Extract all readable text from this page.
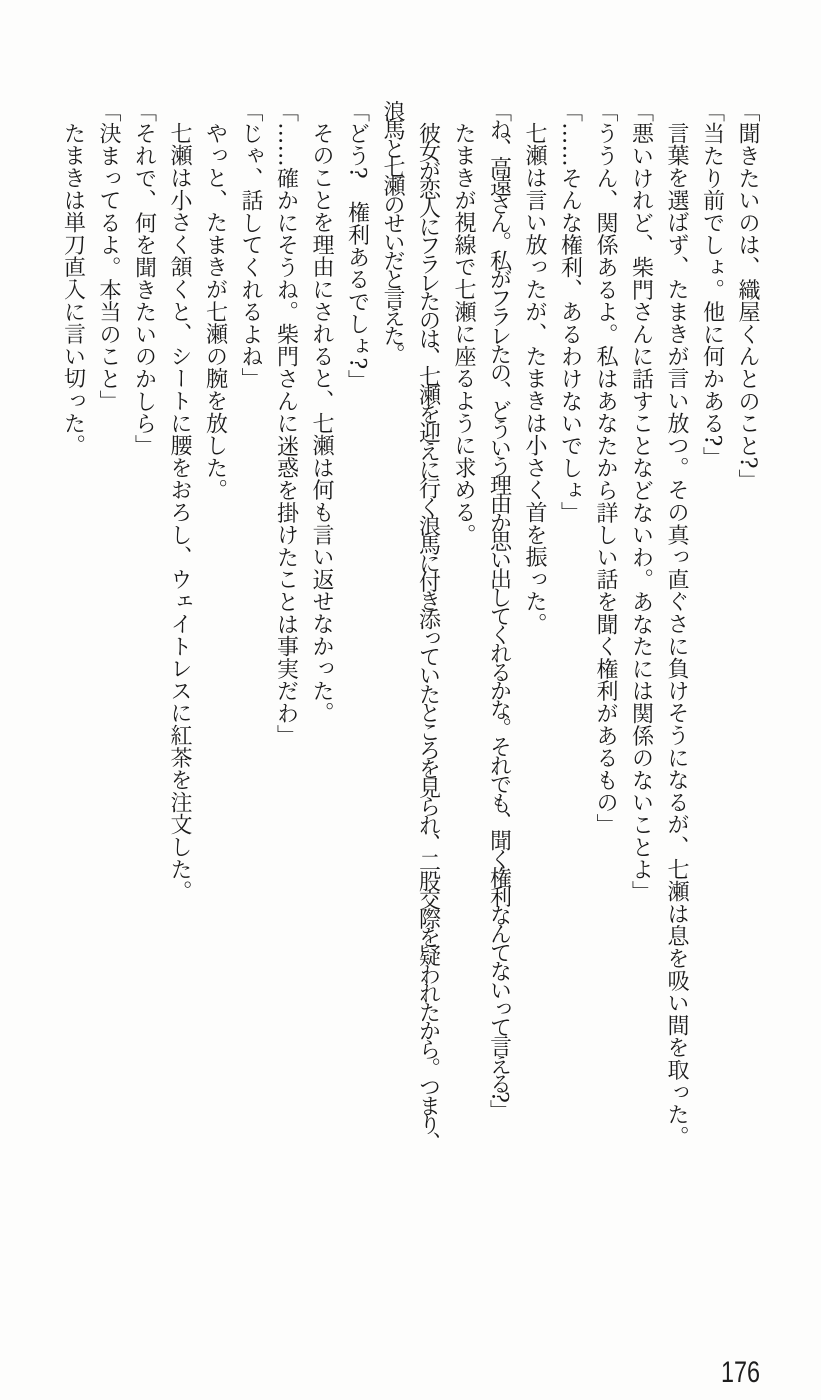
「聞きたいのは、織屋くんとのこと?」

「当たり前でしょ。他に何かある?」

言葉を選ばず、たまきが言い放つ。その真っ直ぐさに負けそうになるが、七瀬は息を吸い間を取った。

「悪いけれど、柴門さんに話すことなどないわ。あなたには関係のないことよ」

「ううん、関係あるよ。私はあなたから詳しい話を聞く権利があるもの」

「……そんな権利、あるわけないでしょ」

七瀬は言い放ったが、たまきは小さく首を振った。

「ね、高遠さん。私がフラレたの、どういう理由か思い出してくれるかな。それでも、聞く権利なんてないって言える?」

たまきが視線で七瀬に座るように求める。

彼女が恋人にフラレたのは、七瀬を迎えに行く浪馬に付き添っていたところを見られ、二股交際を疑われたから。つまり、浪馬と七瀬のせいだと言えた。

「どう?　権利あるでしょ?」

そのことを理由にされると、七瀬は何も言い返せなかった。

「……確かにそうね。柴門さんに迷惑を掛けたことは事実だわ」

「じゃ、話してくれるよね」

やっと、たまきが七瀬の腕を放した。

七瀬は小さく頷くと、シートに腰をおろし、ウェイトレスに紅茶を注文した。

「それで、何を聞きたいのかしら」

「決まってるよ。本当のこと」

たまきは単刀直入に言い切った。

176
